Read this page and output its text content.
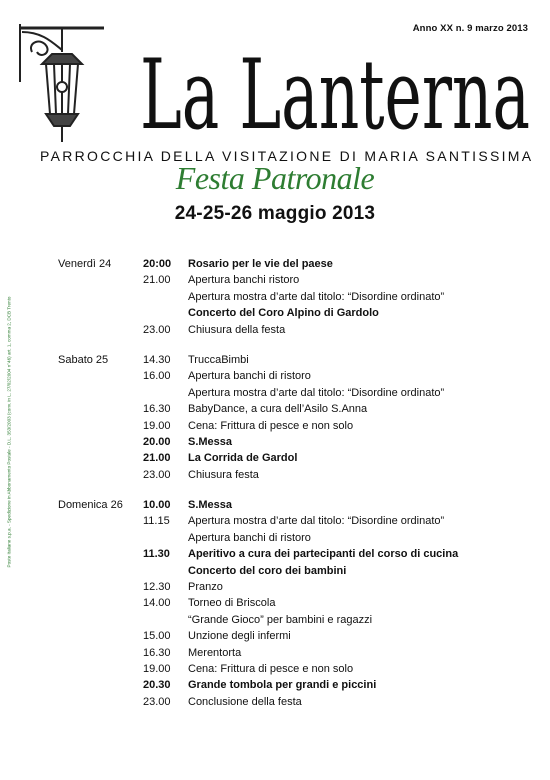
Anno XX n. 9 marzo 2013
La Lanterna
PARROCCHIA DELLA VISITAZIONE DI MARIA SANTISSIMA
Festa Patronale
24-25-26 maggio 2013
Poste Italiane s.p.a. - Spedizione in Abbonamento Postale - D.L. 353/2003 (conv. in L. 27/02/2004 n°46) art. 1, comma 2, DCB Trento
Venerdì 24	20:00	Rosario per le vie del paese
21.00	Apertura banchi ristoro
Apertura mostra d’arte dal titolo: “Disordine ordinato”
Concerto del Coro Alpino di Gardolo
23.00	Chiusura della festa
Sabato 25	14.30	TruccaBimbi
16.00	Apertura banchi di ristoro
Apertura mostra d’arte dal titolo: “Disordine ordinato”
16.30	BabyDance, a cura dell’Asilo S.Anna
19.00	Cena: Frittura di pesce e non solo
20.00	S.Messa
21.00	La Corrida de Gardol
23.00	Chiusura festa
Domenica 26	10.00	S.Messa
11.15	Apertura mostra d’arte dal titolo: “Disordine ordinato”
Apertura banchi di ristoro
11.30	Aperitivo a cura dei partecipanti del corso di cucina
Concerto del coro dei bambini
12.30	Pranzo
14.00	Torneo di Briscola
“Grande Gioco” per bambini e ragazzi
15.00	Unzione degli infermi
16.30	Merentorta
19.00	Cena: Frittura di pesce e non solo
20.30	Grande tombola per grandi e piccini
23.00	Conclusione della festa
